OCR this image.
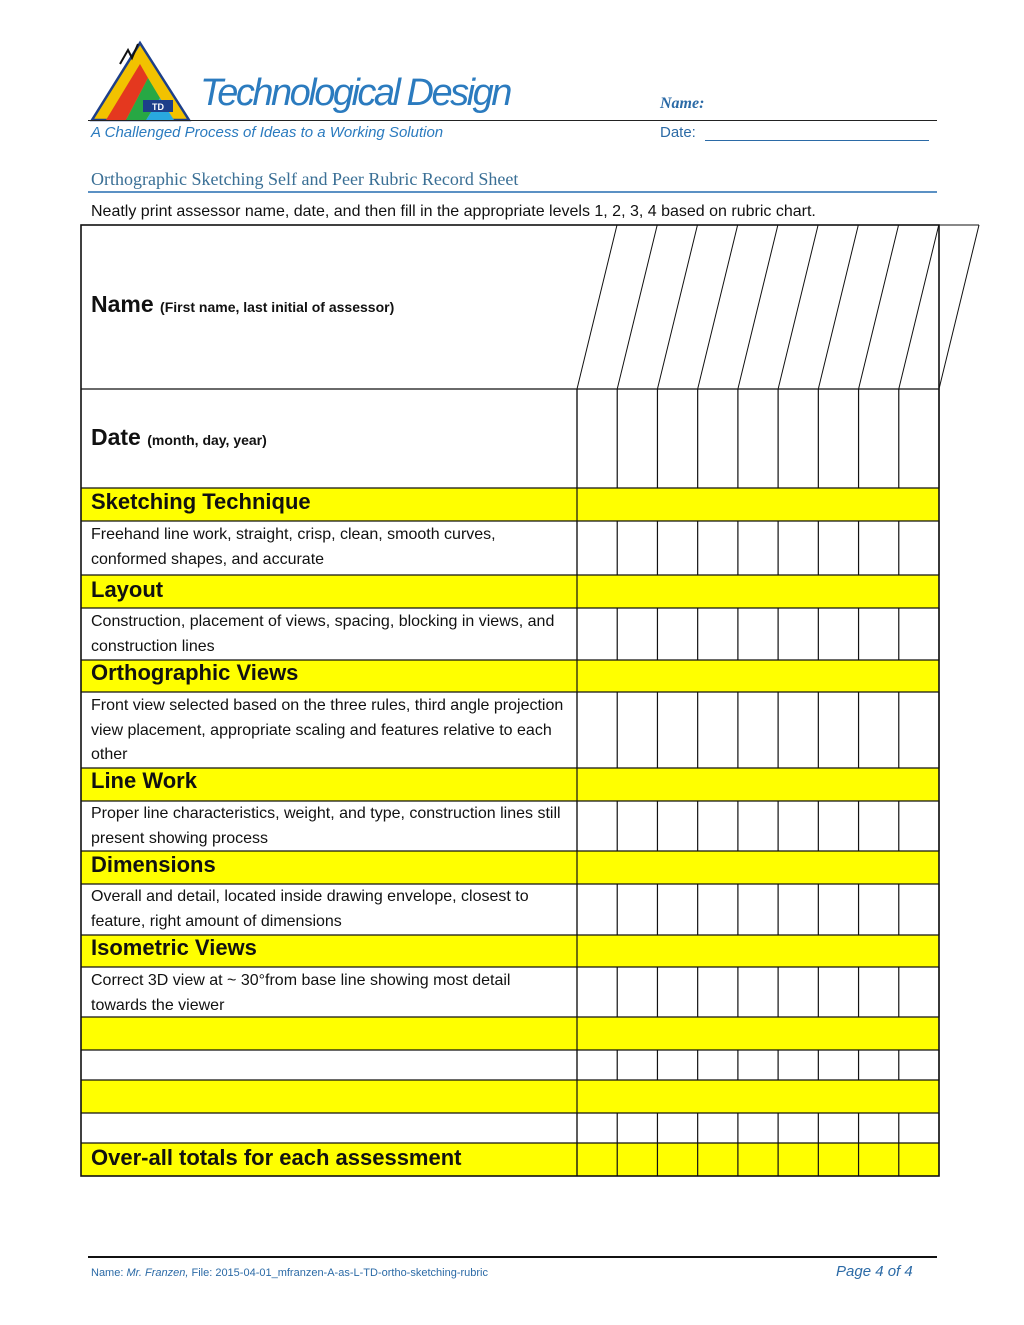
TD Technological Design
A Challenged Process of Ideas to a Working Solution
Name:
Date:
Orthographic Sketching Self and Peer Rubric Record Sheet
Neatly print assessor name, date, and then fill in the appropriate levels 1, 2, 3, 4 based on rubric chart.
Name (First name, last initial of assessor)
Date (month, day, year)
Sketching Technique
Freehand line work, straight, crisp, clean, smooth curves, conformed shapes, and accurate
Layout
Construction, placement of views, spacing, blocking in views, and construction lines
Orthographic Views
Front view selected based on the three rules, third angle projection view placement, appropriate scaling and features relative to each other
Line Work
Proper line characteristics, weight, and type, construction lines still present showing process
Dimensions
Overall and detail, located inside drawing envelope, closest to feature, right amount of dimensions
Isometric Views
Correct 3D view at ~ 30°from base line showing most detail towards the viewer
Over-all totals for each assessment
Name: Mr. Franzen, File: 2015-04-01_mfranzen-A-as-L-TD-ortho-sketching-rubric	Page 4 of 4
